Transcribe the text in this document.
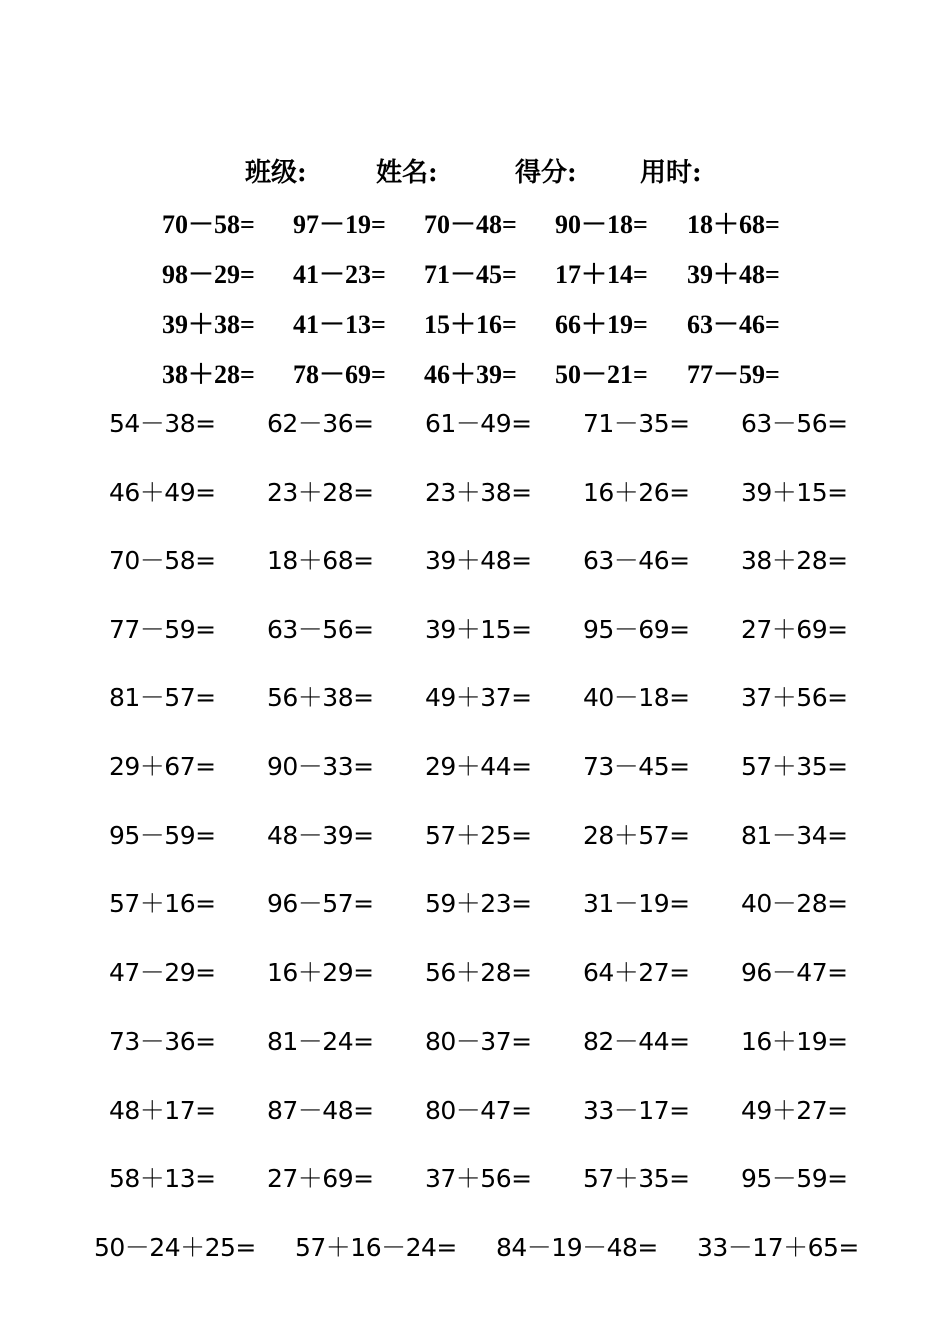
班级:	姓名:	得分: 用时:
70－58= 97－19= 70－48= 90－18= 18＋68=
98－29= 41－23= 71－45= 17＋14= 39＋48=
39＋38= 41－13= 15＋16= 66＋19= 63－46=
38＋28= 78－69= 46＋39= 50－21= 77－59=
54－38= 62－36= 61－49= 71－35= 63－56=
46＋49= 23＋28= 23＋38= 16＋26= 39＋15=
70－58= 18＋68= 39＋48= 63－46= 38＋28=
77－59= 63－56= 39＋15= 95－69= 27＋69=
81－57= 56＋38= 49＋37= 40－18= 37＋56=
29＋67= 90－33= 29＋44= 73－45= 57＋35=
95－59= 48－39= 57＋25= 28＋57= 81－34=
57＋16= 96－57= 59＋23= 31－19= 40－28=
47－29= 16＋29= 56＋28= 64＋27= 96－47=
73－36= 81－24= 80－37= 82－44= 16＋19=
48＋17= 87－48= 80－47= 33－17= 49＋27=
58＋13= 27＋69= 37＋56= 57＋35= 95－59=
50－24＋25= 57＋16－24= 84－19－48= 33－17＋65=
